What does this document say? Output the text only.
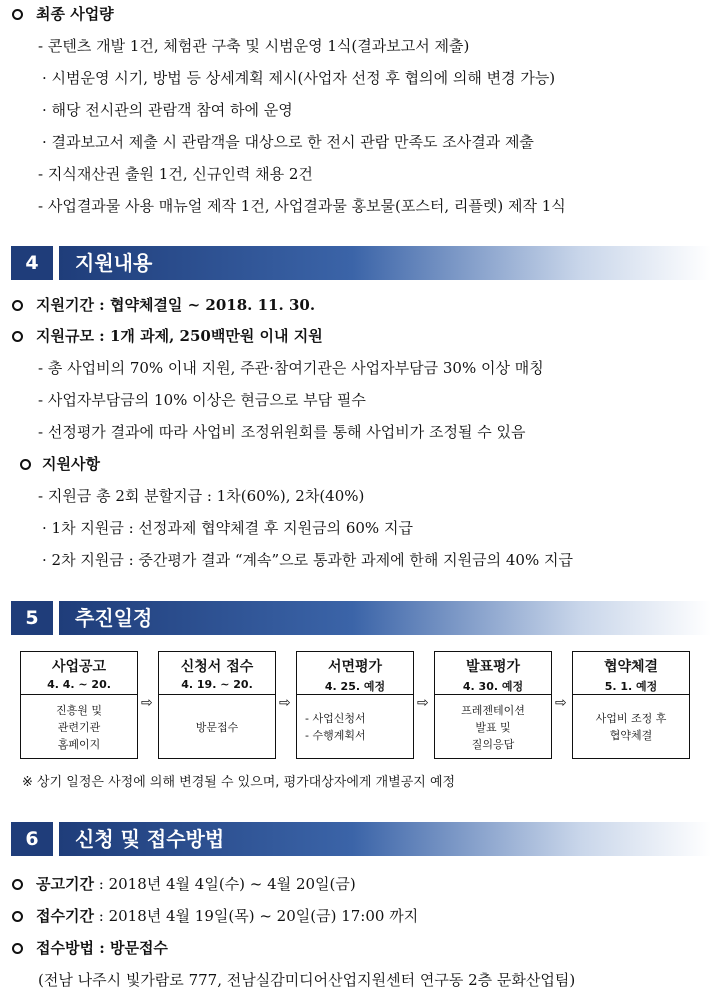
최종 사업량
- 콘텐츠 개발 1건, 체험관 구축 및 시범운영 1식(결과보고서 제출)
· 시범운영 시기, 방법 등 상세계획 제시(사업자 선정 후 협의에 의해 변경 가능)
· 해당 전시관의 관람객 참여 하에 운영
· 결과보고서 제출 시 관람객을 대상으로 한 전시 관람 만족도 조사결과 제출
- 지식재산권 출원 1건, 신규인력 채용 2건
- 사업결과물 사용 매뉴얼 제작 1건, 사업결과물 홍보물(포스터, 리플렛) 제작 1식
4	지원내용
지원기간 : 협약체결일 ~ 2018. 11. 30.
지원규모 : 1개 과제, 250백만원 이내 지원
- 총 사업비의 70% 이내 지원, 주관·참여기관은 사업자부담금 30% 이상 매칭
- 사업자부담금의 10% 이상은 현금으로 부담 필수
- 선정평가 결과에 따라 사업비 조정위원회를 통해 사업비가 조정될 수 있음
지원사항
- 지원금 총 2회 분할지급 : 1차(60%), 2차(40%)
· 1차 지원금 : 선정과제 협약체결 후 지원금의 60% 지급
· 2차 지원금 : 중간평가 결과 “계속”으로 통과한 과제에 한해 지원금의 40% 지급
5	추진일정
사업공고
4. 4. ~ 20.
진흥원 및
관련기관
홈페이지
⇨
신청서 접수
4. 19. ~ 20.
방문접수
⇨
서면평가
4. 25. 예정
- 사업신청서
- 수행계획서
⇨
발표평가
4. 30. 예정
프레젠테이션
발표 및
질의응답
⇨
협약체결
5. 1. 예정
사업비 조정 후
협약체결
※ 상기 일정은 사정에 의해 변경될 수 있으며, 평가대상자에게 개별공지 예정
6	신청 및 접수방법
공고기간 : 2018년 4월 4일(수) ~ 4월 20일(금)
접수기간 : 2018년 4월 19일(목) ~ 20일(금) 17:00 까지
접수방법 : 방문접수
(전남 나주시 빛가람로 777, 전남실감미디어산업지원센터 연구동 2층 문화산업팀)
